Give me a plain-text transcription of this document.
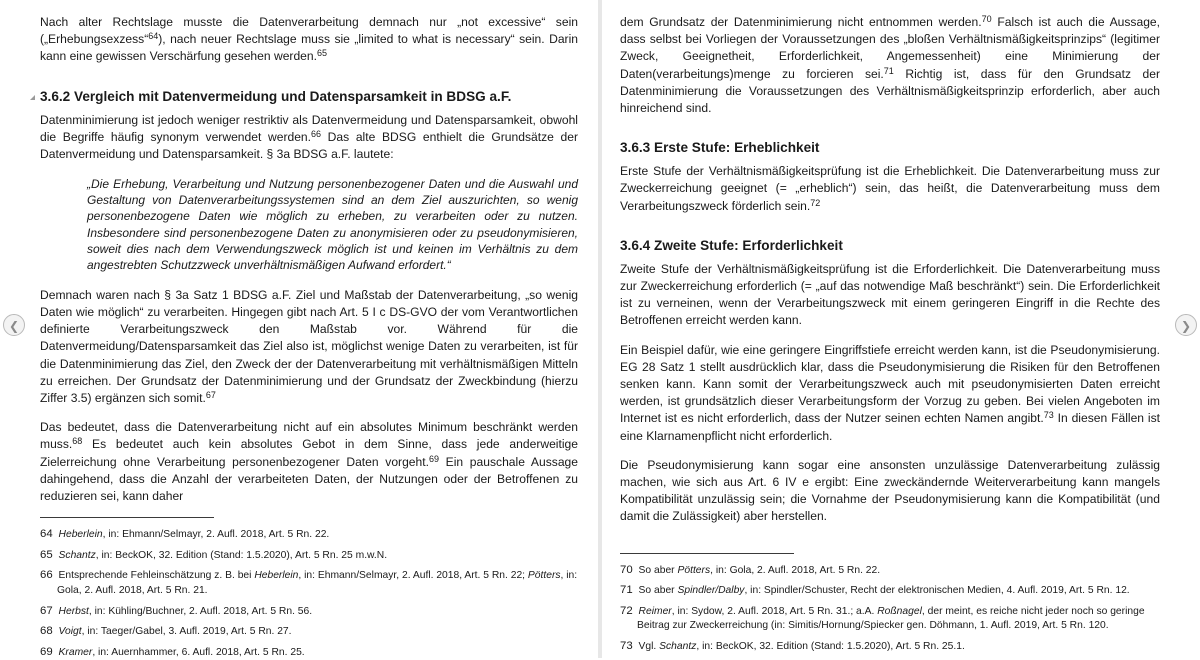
Nach alter Rechtslage musste die Datenverarbeitung demnach nur „not excessive“ sein („Erhebungsexzess“$^{64}$), nach neuer Rechtslage muss sie „limited to what is necessary“ sein. Darin kann eine gewissen Verschärfung gesehen werden.$^{65}$

3.6.2 Vergleich mit Datenvermeidung und Datensparsamkeit in BDSG a.F.

Datenminimierung ist jedoch weniger restriktiv als Datenvermeidung und Datensparsamkeit, obwohl die Begriffe häufig synonym verwendet werden.$^{66}$ Das alte BDSG enthielt die Grundsätze der Datenvermeidung und Datensparsamkeit. § 3a BDSG a.F. lautete:

„Die Erhebung, Verarbeitung und Nutzung personenbezogener Daten und die Auswahl und Gestaltung von Datenverarbeitungssystemen sind an dem Ziel auszurichten, so wenig personenbezogene Daten wie möglich zu erheben, zu verarbeiten oder zu nutzen. Insbesondere sind personenbezogene Daten zu anonymisieren oder zu pseudonymisieren, soweit dies nach dem Verwendungszweck möglich ist und keinen im Verhältnis zu dem angestrebten Schutzzweck unverhältnismäßigen Aufwand erfordert.“

Demnach waren nach § 3a Satz 1 BDSG a.F. Ziel und Maßstab der Datenverarbeitung, „so wenig Daten wie möglich“ zu verarbeiten. Hingegen gibt nach Art. 5 I c DS-GVO der vom Verantwortlichen definierte Verarbeitungszweck den Maßstab vor. Während für die Datenvermeidung/Datensparsamkeit das Ziel also ist, möglichst wenige Daten zu verarbeiten, ist für die Datenminimierung das Ziel, den Zweck der der Datenverarbeitung mit verhältnismäßigen Mitteln zu erreichen. Der Grundsatz der Datenminimierung und der Grundsatz der Zweckbindung (hierzu Ziffer 3.5) ergänzen sich somit.$^{67}$

Das bedeutet, dass die Datenverarbeitung nicht auf ein absolutes Minimum beschränkt werden muss.$^{68}$ Es bedeutet auch kein absolutes Gebot in dem Sinne, dass jede anderweitige Zielerreichung ohne Verarbeitung personenbezogener Daten vorgeht.$^{69}$ Ein pauschale Aussage dahingehend, dass die Anzahl der verarbeiteten Daten, der Nutzungen oder der Betroffenen zu reduzieren sei, kann daher

64 Heberlein, in: Ehmann/Selmayr, 2. Aufl. 2018, Art. 5 Rn. 22.
65 Schantz, in: BeckOK, 32. Edition (Stand: 1.5.2020), Art. 5 Rn. 25 m.w.N.
66 Entsprechende Fehleinschätzung z. B. bei Heberlein, in: Ehmann/Selmayr, 2. Aufl. 2018, Art. 5 Rn. 22; Pötters, in: Gola, 2. Aufl. 2018, Art. 5 Rn. 21.
67 Herbst, in: Kühling/Buchner, 2. Aufl. 2018, Art. 5 Rn. 56.
68 Voigt, in: Taeger/Gabel, 3. Aufl. 2019, Art. 5 Rn. 27.
69 Kramer, in: Auernhammer, 6. Aufl. 2018, Art. 5 Rn. 25.

dem Grundsatz der Datenminimierung nicht entnommen werden.$^{70}$ Falsch ist auch die Aussage, dass selbst bei Vorliegen der Voraussetzungen des „bloßen Verhältnismäßigkeitsprinzips“ (legitimer Zweck, Geeignetheit, Erforderlichkeit, Angemessenheit) eine Minimierung der Daten(verarbeitungs)menge zu forcieren sei.$^{71}$ Richtig ist, dass für den Grundsatz der Datenminimierung die Voraussetzungen des Verhältnismäßigkeitsprinzip erforderlich, aber auch hinreichend sind.

3.6.3 Erste Stufe: Erheblichkeit

Erste Stufe der Verhältnismäßigkeitsprüfung ist die Erheblichkeit. Die Datenverarbeitung muss zur Zweckerreichung geeignet (= „erheblich“) sein, das heißt, die Datenverarbeitung muss dem Verarbeitungszweck förderlich sein.$^{72}$

3.6.4 Zweite Stufe: Erforderlichkeit

Zweite Stufe der Verhältnismäßigkeitsprüfung ist die Erforderlichkeit. Die Datenverarbeitung muss zur Zweckerreichung erforderlich (= „auf das notwendige Maß beschränkt“) sein. Die Erforderlichkeit ist zu verneinen, wenn der Verarbeitungszweck mit einem geringeren Eingriff in die Rechte des Betroffenen erreicht werden kann.

Ein Beispiel dafür, wie eine geringere Eingriffstiefe erreicht werden kann, ist die Pseudonymisierung. EG 28 Satz 1 stellt ausdrücklich klar, dass die Pseudonymisierung die Risiken für den Betroffenen senken kann. Kann somit der Verarbeitungszweck auch mit pseudonymisierten Daten erreicht werden, ist grundsätzlich dieser Verarbeitungsform der Vorzug zu geben. Bei vielen Angeboten im Internet ist es nicht erforderlich, dass der Nutzer seinen echten Namen angibt.$^{73}$ In diesen Fällen ist eine Klarnamenpflicht nicht erforderlich.

Die Pseudonymisierung kann sogar eine ansonsten unzulässige Datenverarbeitung zulässig machen, wie sich aus Art. 6 IV e ergibt: Eine zweckändernde Weiterverarbeitung kann mangels Kompatibilität unzulässig sein; die Vornahme der Pseudonymisierung kann die Kompatibilität (und damit die Zulässigkeit) aber herstellen.

70 So aber Pötters, in: Gola, 2. Aufl. 2018, Art. 5 Rn. 22.
71 So aber Spindler/Dalby, in: Spindler/Schuster, Recht der elektronischen Medien, 4. Aufl. 2019, Art. 5 Rn. 12.
72 Reimer, in: Sydow, 2. Aufl. 2018, Art. 5 Rn. 31.; a.A. Roßnagel, der meint, es reiche nicht jeder noch so geringe Beitrag zur Zweckerreichung (in: Simitis/Hornung/Spiecker gen. Döhmann, 1. Aufl. 2019, Art. 5 Rn. 120.
73 Vgl. Schantz, in: BeckOK, 32. Edition (Stand: 1.5.2020), Art. 5 Rn. 25.1.
❮	❯
